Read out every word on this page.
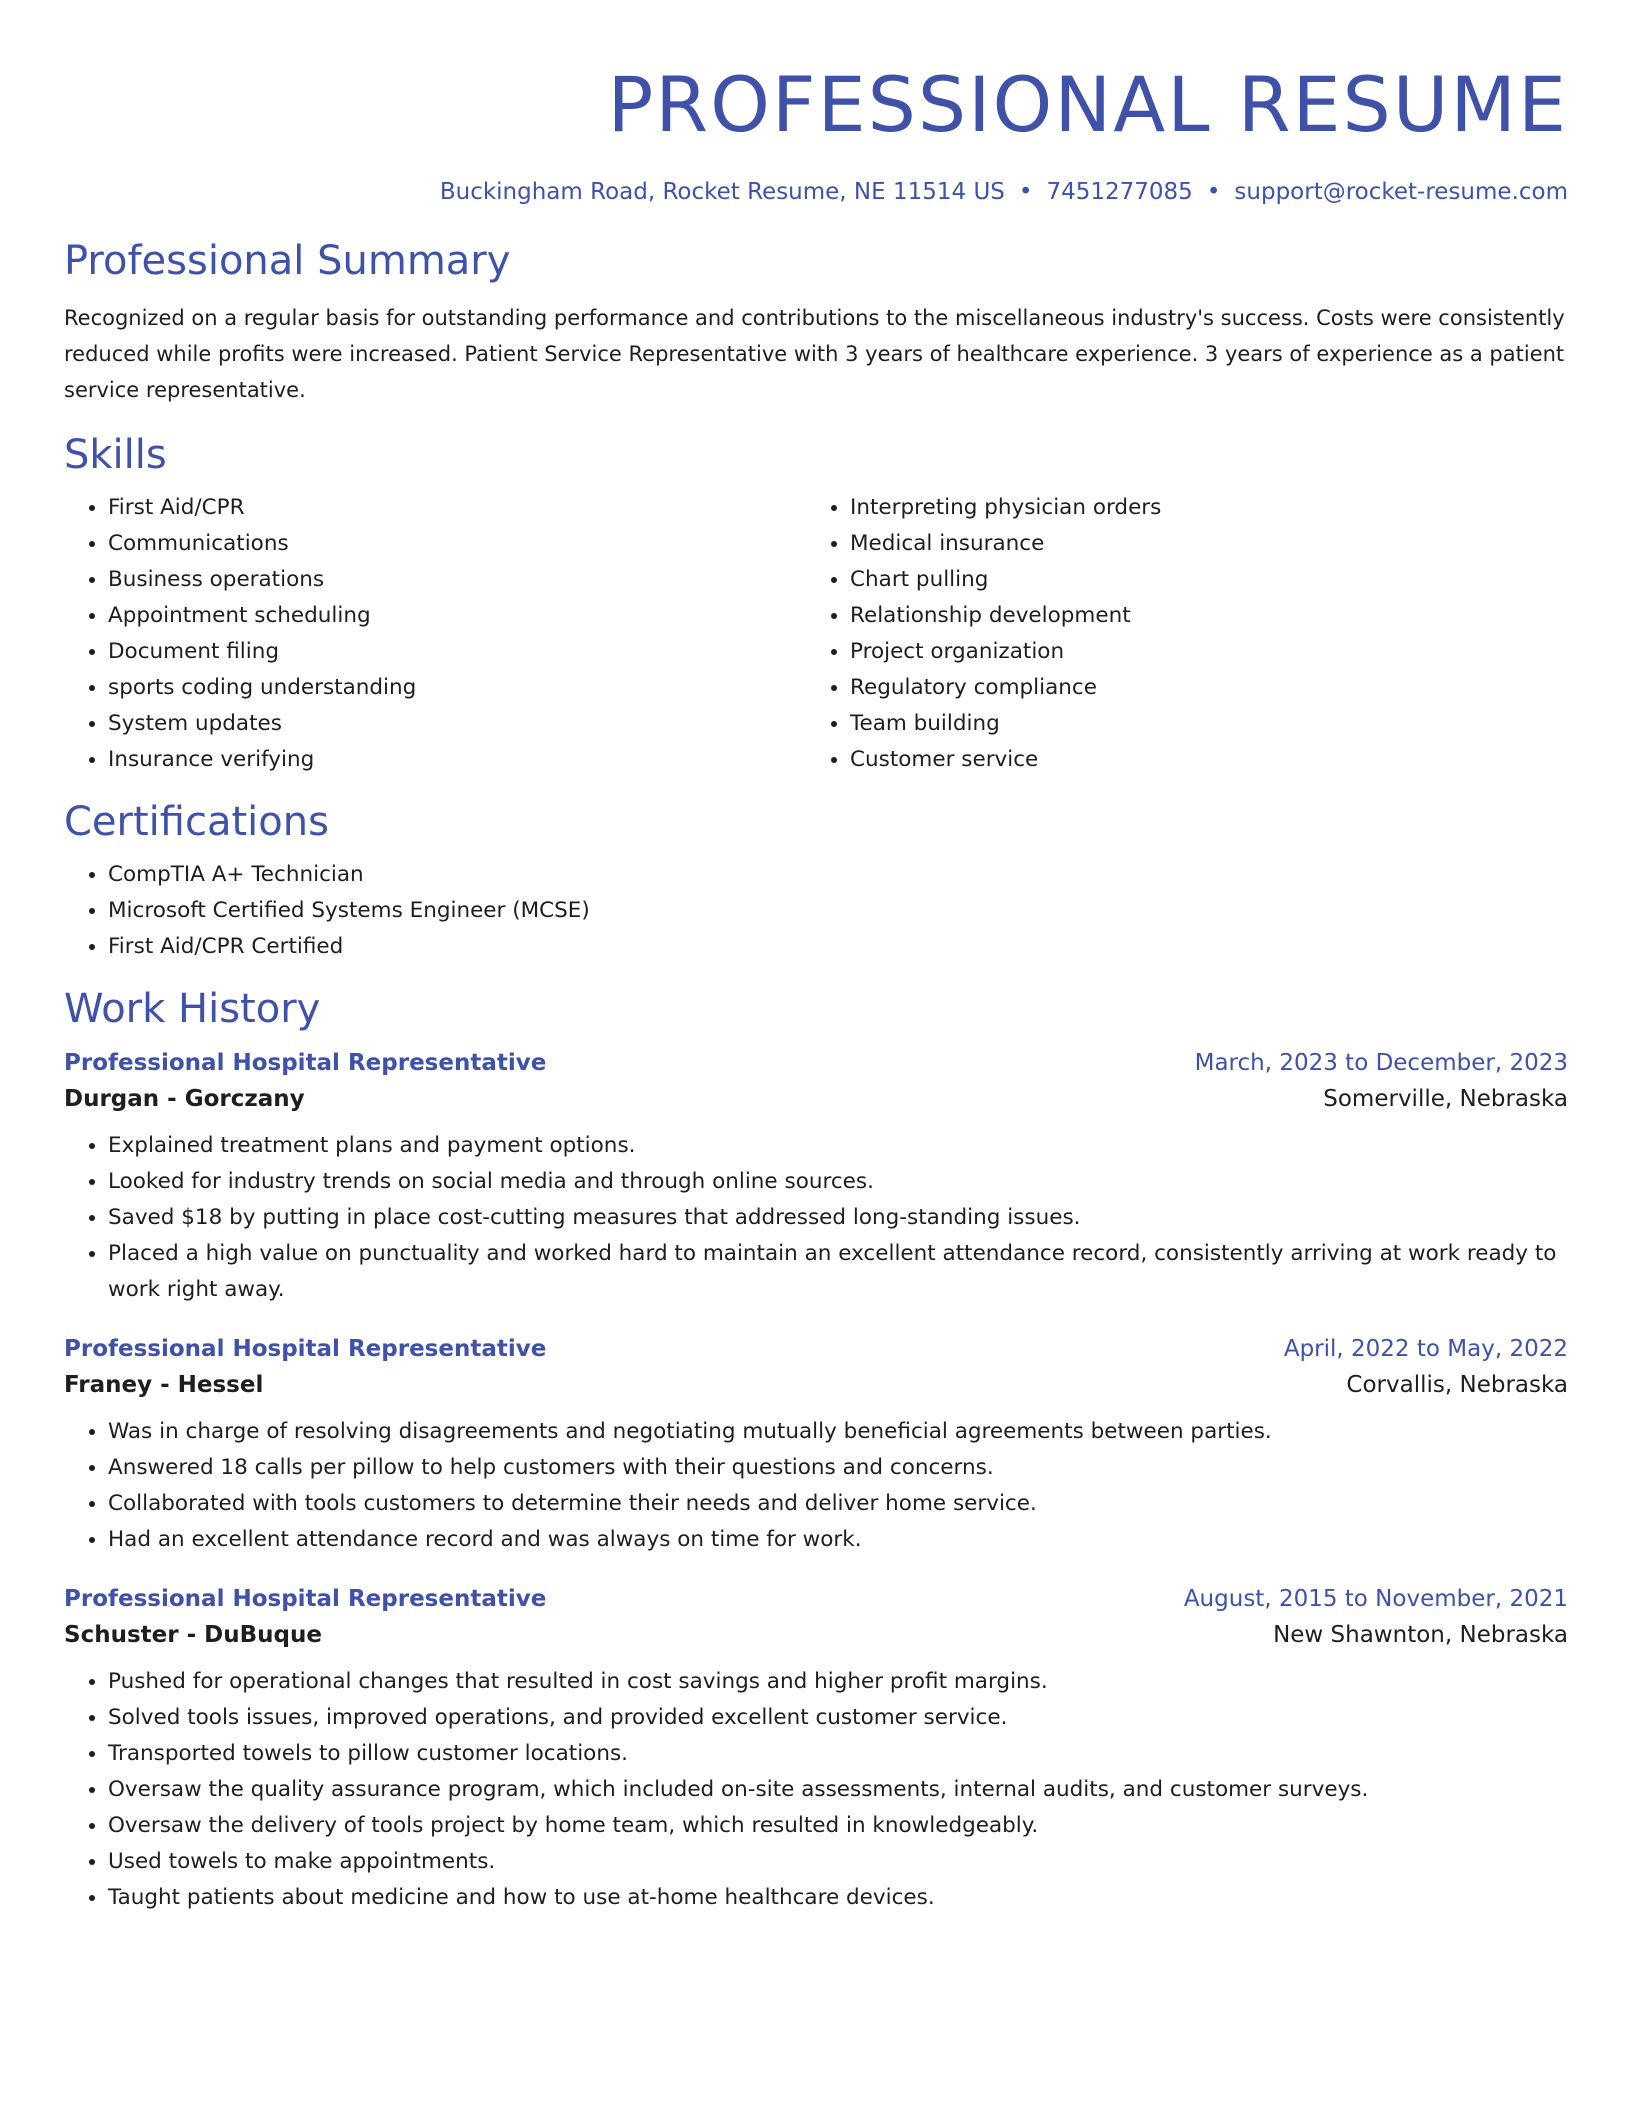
PROFESSIONAL RESUME
Buckingham Road, Rocket Resume, NE 11514 US • 7451277085 • support@rocket-resume.com
Professional Summary

Recognized on a regular basis for outstanding performance and contributions to the miscellaneous industry's success. Costs were consistently reduced while profits were increased. Patient Service Representative with 3 years of healthcare experience. 3 years of experience as a patient service representative.

Skills
• First Aid/CPR
• Communications
• Business operations
• Appointment scheduling
• Document filing
• sports coding understanding
• System updates
• Insurance verifying
• Interpreting physician orders
• Medical insurance
• Chart pulling
• Relationship development
• Project organization
• Regulatory compliance
• Team building
• Customer service
Certifications
• CompTIA A+ Technician
• Microsoft Certified Systems Engineer (MCSE)
• First Aid/CPR Certified
Work History
Professional Hospital Representative	March, 2023 to December, 2023
Durgan - Gorczany	Somerville, Nebraska
• Explained treatment plans and payment options.
• Looked for industry trends on social media and through online sources.
• Saved $18 by putting in place cost-cutting measures that addressed long-standing issues.
• Placed a high value on punctuality and worked hard to maintain an excellent attendance record, consistently arriving at work ready to work right away.
Professional Hospital Representative	April, 2022 to May, 2022
Franey - Hessel	Corvallis, Nebraska
• Was in charge of resolving disagreements and negotiating mutually beneficial agreements between parties.
• Answered 18 calls per pillow to help customers with their questions and concerns.
• Collaborated with tools customers to determine their needs and deliver home service.
• Had an excellent attendance record and was always on time for work.
Professional Hospital Representative	August, 2015 to November, 2021
Schuster - DuBuque	New Shawnton, Nebraska
• Pushed for operational changes that resulted in cost savings and higher profit margins.
• Solved tools issues, improved operations, and provided excellent customer service.
• Transported towels to pillow customer locations.
• Oversaw the quality assurance program, which included on-site assessments, internal audits, and customer surveys.
• Oversaw the delivery of tools project by home team, which resulted in knowledgeably.
• Used towels to make appointments.
• Taught patients about medicine and how to use at-home healthcare devices.
